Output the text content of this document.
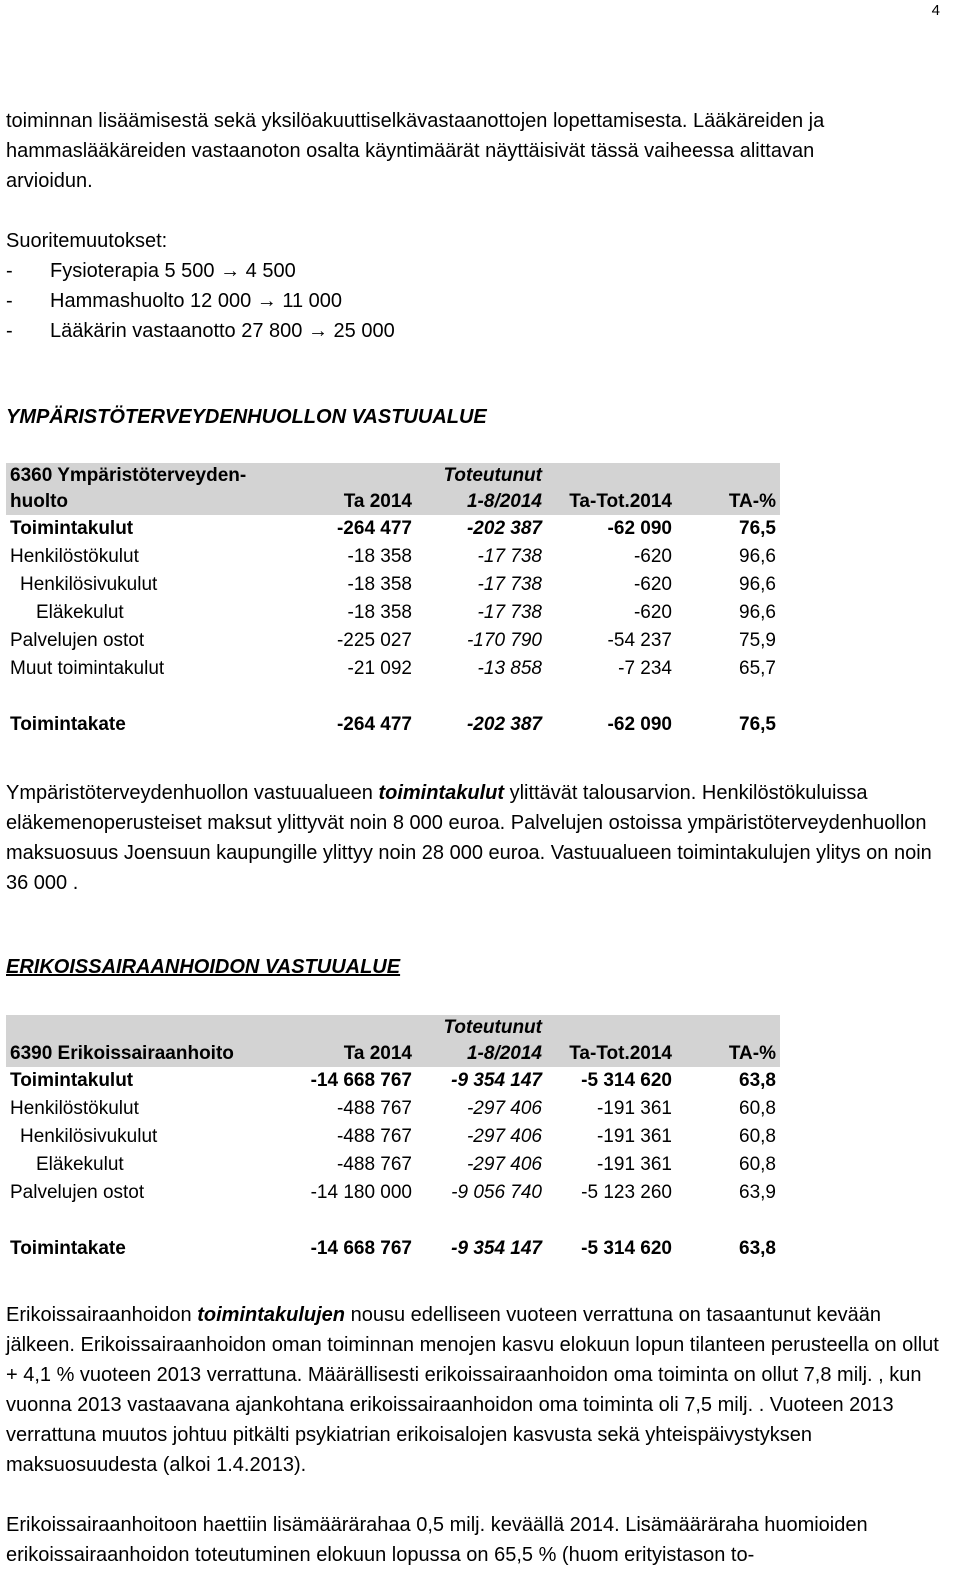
4
toiminnan lisäämisestä sekä yksilöakuuttiselkävastaanottojen lopettamisesta. Lääkäreiden ja
hammaslääkäreiden vastaanoton osalta käyntimäärät näyttäisivät tässä vaiheessa alittavan
arvioidun.
Suoritemuutokset:
-	Fysioterapia 5 500
→
4 500
-	Hammashuolto 12 000
→
11 000
-	Lääkärin vastaanotto 27 800
→
25 000
YMPÄRISTÖTERVEYDENHUOLLON VASTUUALUE
6360 Ympäristöterveyden-
huolto	Ta 2014	Toteutunut
1-8/2014	Ta-Tot.2014	TA-%
Toimintakulut	-264 477	-202 387	-62 090	76,5
Henkilöstökulut	-18 358	-17 738	-620	96,6
Henkilösivukulut	-18 358	-17 738	-620	96,6
Eläkekulut	-18 358	-17 738	-620	96,6
Palvelujen ostot	-225 027	-170 790	-54 237	75,9
Muut toimintakulut	-21 092	-13 858	-7 234	65,7

Toimintakate	-264 477	-202 387	-62 090	76,5
Ympäristöterveydenhuollon vastuualueen toimintakulut ylittävät talousarvion. Henkilöstökuluissa eläkemenoperusteiset maksut ylittyvät noin 8 000 euroa. Palvelujen ostoissa ympäristöterveydenhuollon maksuosuus Joensuun kaupungille ylittyy noin 28 000 euroa. Vastuualueen toimintakulujen ylitys on noin 36 000 .
ERIKOISSAIRAANHOIDON VASTUUALUE

6390 Erikoissairaanhoito	Ta 2014	Toteutunut
1-8/2014	Ta-Tot.2014	TA-%
Toimintakulut	-14 668 767	-9 354 147	-5 314 620	63,8
Henkilöstökulut	-488 767	-297 406	-191 361	60,8
Henkilösivukulut	-488 767	-297 406	-191 361	60,8
Eläkekulut	-488 767	-297 406	-191 361	60,8
Palvelujen ostot	-14 180 000	-9 056 740	-5 123 260	63,9

Toimintakate	-14 668 767	-9 354 147	-5 314 620	63,8
Erikoissairaanhoidon toimintakulujen nousu edelliseen vuoteen verrattuna on tasaantunut kevään jälkeen. Erikoissairaanhoidon oman toiminnan menojen kasvu elokuun lopun tilanteen perusteella on ollut + 4,1 % vuoteen 2013 verrattuna. Määrällisesti erikoissairaanhoidon oma toiminta on ollut 7,8 milj. , kun vuonna 2013 vastaavana ajankohtana erikoissairaanhoidon oma toiminta oli 7,5 milj. . Vuoteen 2013 verrattuna muutos johtuu pitkälti psykiatrian erikoisalojen kasvusta sekä yhteispäivystyksen maksuosuudesta (alkoi 1.4.2013).
Erikoissairaanhoitoon haettiin lisämäärärahaa 0,5 milj. keväällä 2014. Lisämääräraha huomioiden erikoissairaanhoidon toteutuminen elokuun lopussa on 65,5 % (huom erityistason to-
